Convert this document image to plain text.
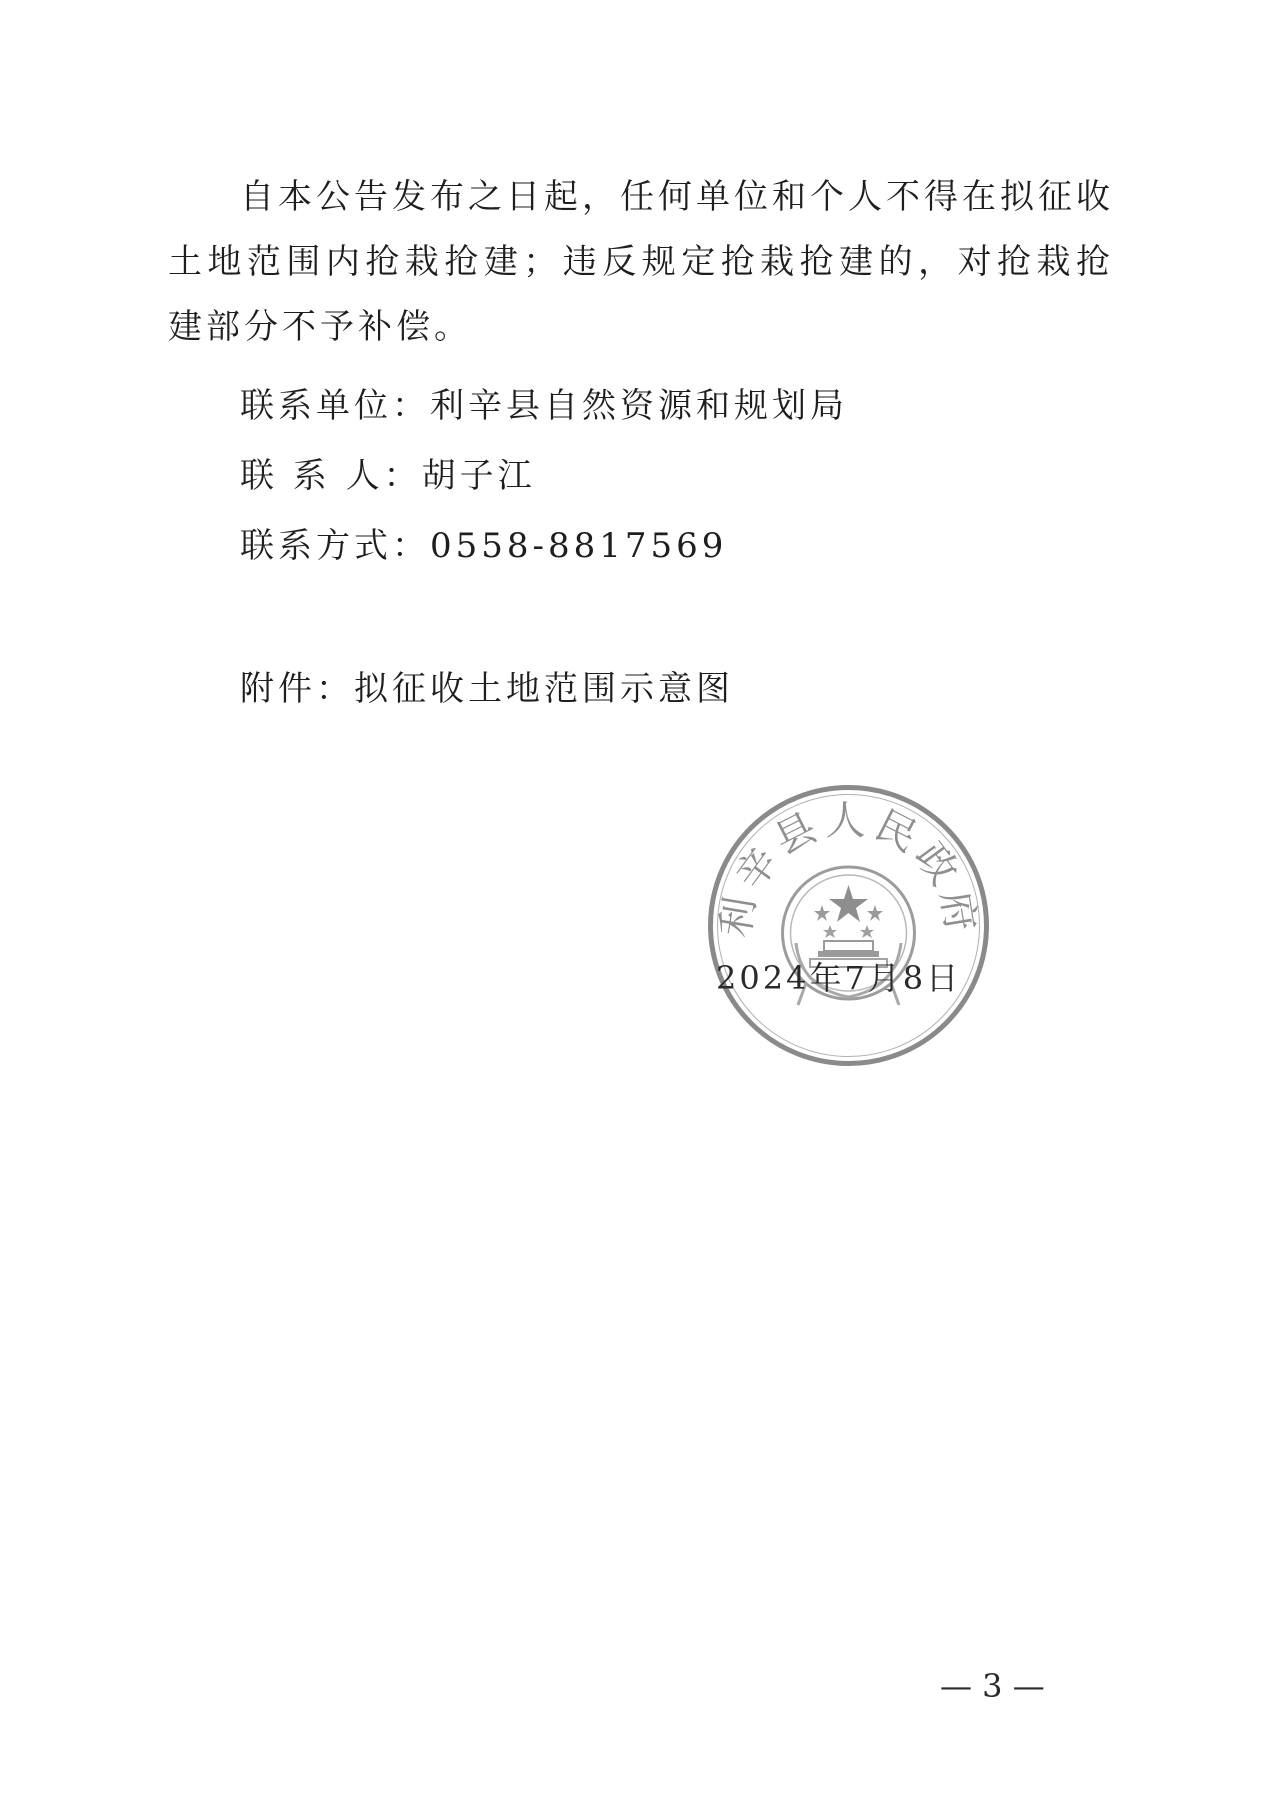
自本公告发布之日起，任何单位和个人不得在拟征收土地范围内抢栽抢建；违反规定抢栽抢建的，对抢栽抢建部分不予补偿。

联系单位：利辛县自然资源和规划局

联 系 人：胡子江

联系方式：0558-8817569

附件：拟征收土地范围示意图

利辛县人民政府
2024年7月8日
— 3 —
